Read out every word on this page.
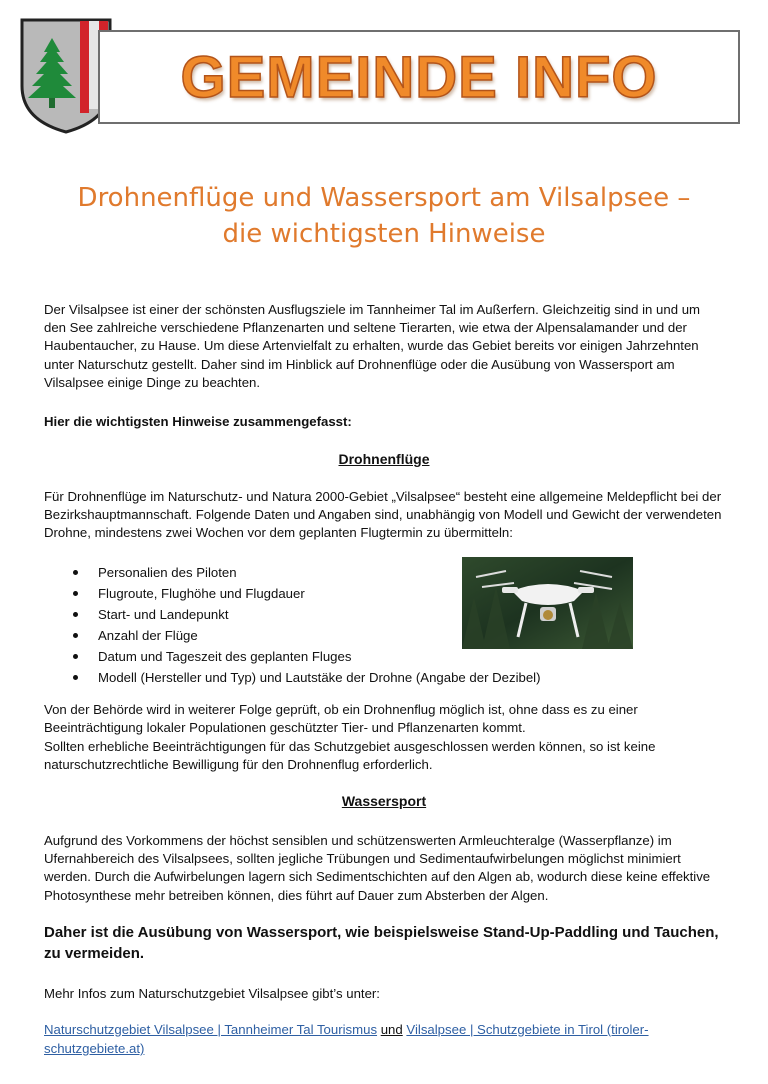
GEMEINDE INFO
Drohnenflüge und Wassersport am Vilsalpsee –
die wichtigsten Hinweise
Der Vilsalpsee ist einer der schönsten Ausflugsziele im Tannheimer Tal im Außerfern. Gleichzeitig sind in und um den See zahlreiche verschiedene Pflanzenarten und seltene Tierarten, wie etwa der Alpensalamander und der Haubentaucher, zu Hause. Um diese Artenvielfalt zu erhalten, wurde das Gebiet bereits vor einigen Jahrzehnten unter Naturschutz gestellt. Daher sind im Hinblick auf Drohnenflüge oder die Ausübung von Wassersport am Vilsalpsee einige Dinge zu beachten.
Hier die wichtigsten Hinweise zusammengefasst:
Drohnenflüge
Für Drohnenflüge im Naturschutz- und Natura 2000-Gebiet „Vilsalpsee“ besteht eine allgemeine Meldepflicht bei der Bezirkshauptmannschaft. Folgende Daten und Angaben sind, unabhängig von Modell und Gewicht der verwendeten Drohne, mindestens zwei Wochen vor dem geplanten Flugtermin zu übermitteln:
Personalien des Piloten
Flugroute, Flughöhe und Flugdauer
Start- und Landepunkt
Anzahl der Flüge
Datum und Tageszeit des geplanten Fluges
Modell (Hersteller und Typ) und Lautstäke der Drohne (Angabe der Dezibel)
Von der Behörde wird in weiterer Folge geprüft, ob ein Drohnenflug möglich ist, ohne dass es zu einer Beeinträchtigung lokaler Populationen geschützter Tier- und Pflanzenarten kommt.
Sollten erhebliche Beeinträchtigungen für das Schutzgebiet ausgeschlossen werden können, so ist keine naturschutzrechtliche Bewilligung für den Drohnenflug erforderlich.
Wassersport
Aufgrund des Vorkommens der höchst sensiblen und schützenswerten Armleuchteralge (Wasserpflanze) im Ufernahbereich des Vilsalpsees, sollten jegliche Trübungen und Sedimentaufwirbelungen möglichst minimiert werden. Durch die Aufwirbelungen lagern sich Sedimentschichten auf den Algen ab, wodurch diese keine effektive Photosynthese mehr betreiben können, dies führt auf Dauer zum Absterben der Algen.
Daher ist die Ausübung von Wassersport, wie beispielsweise Stand-Up-Paddling und Tauchen, zu vermeiden.
Mehr Infos zum Naturschutzgebiet Vilsalpsee gibt’s unter:
Naturschutzgebiet Vilsalpsee | Tannheimer Tal Tourismus und Vilsalpsee | Schutzgebiete in Tirol (tiroler-schutzgebiete.at)
